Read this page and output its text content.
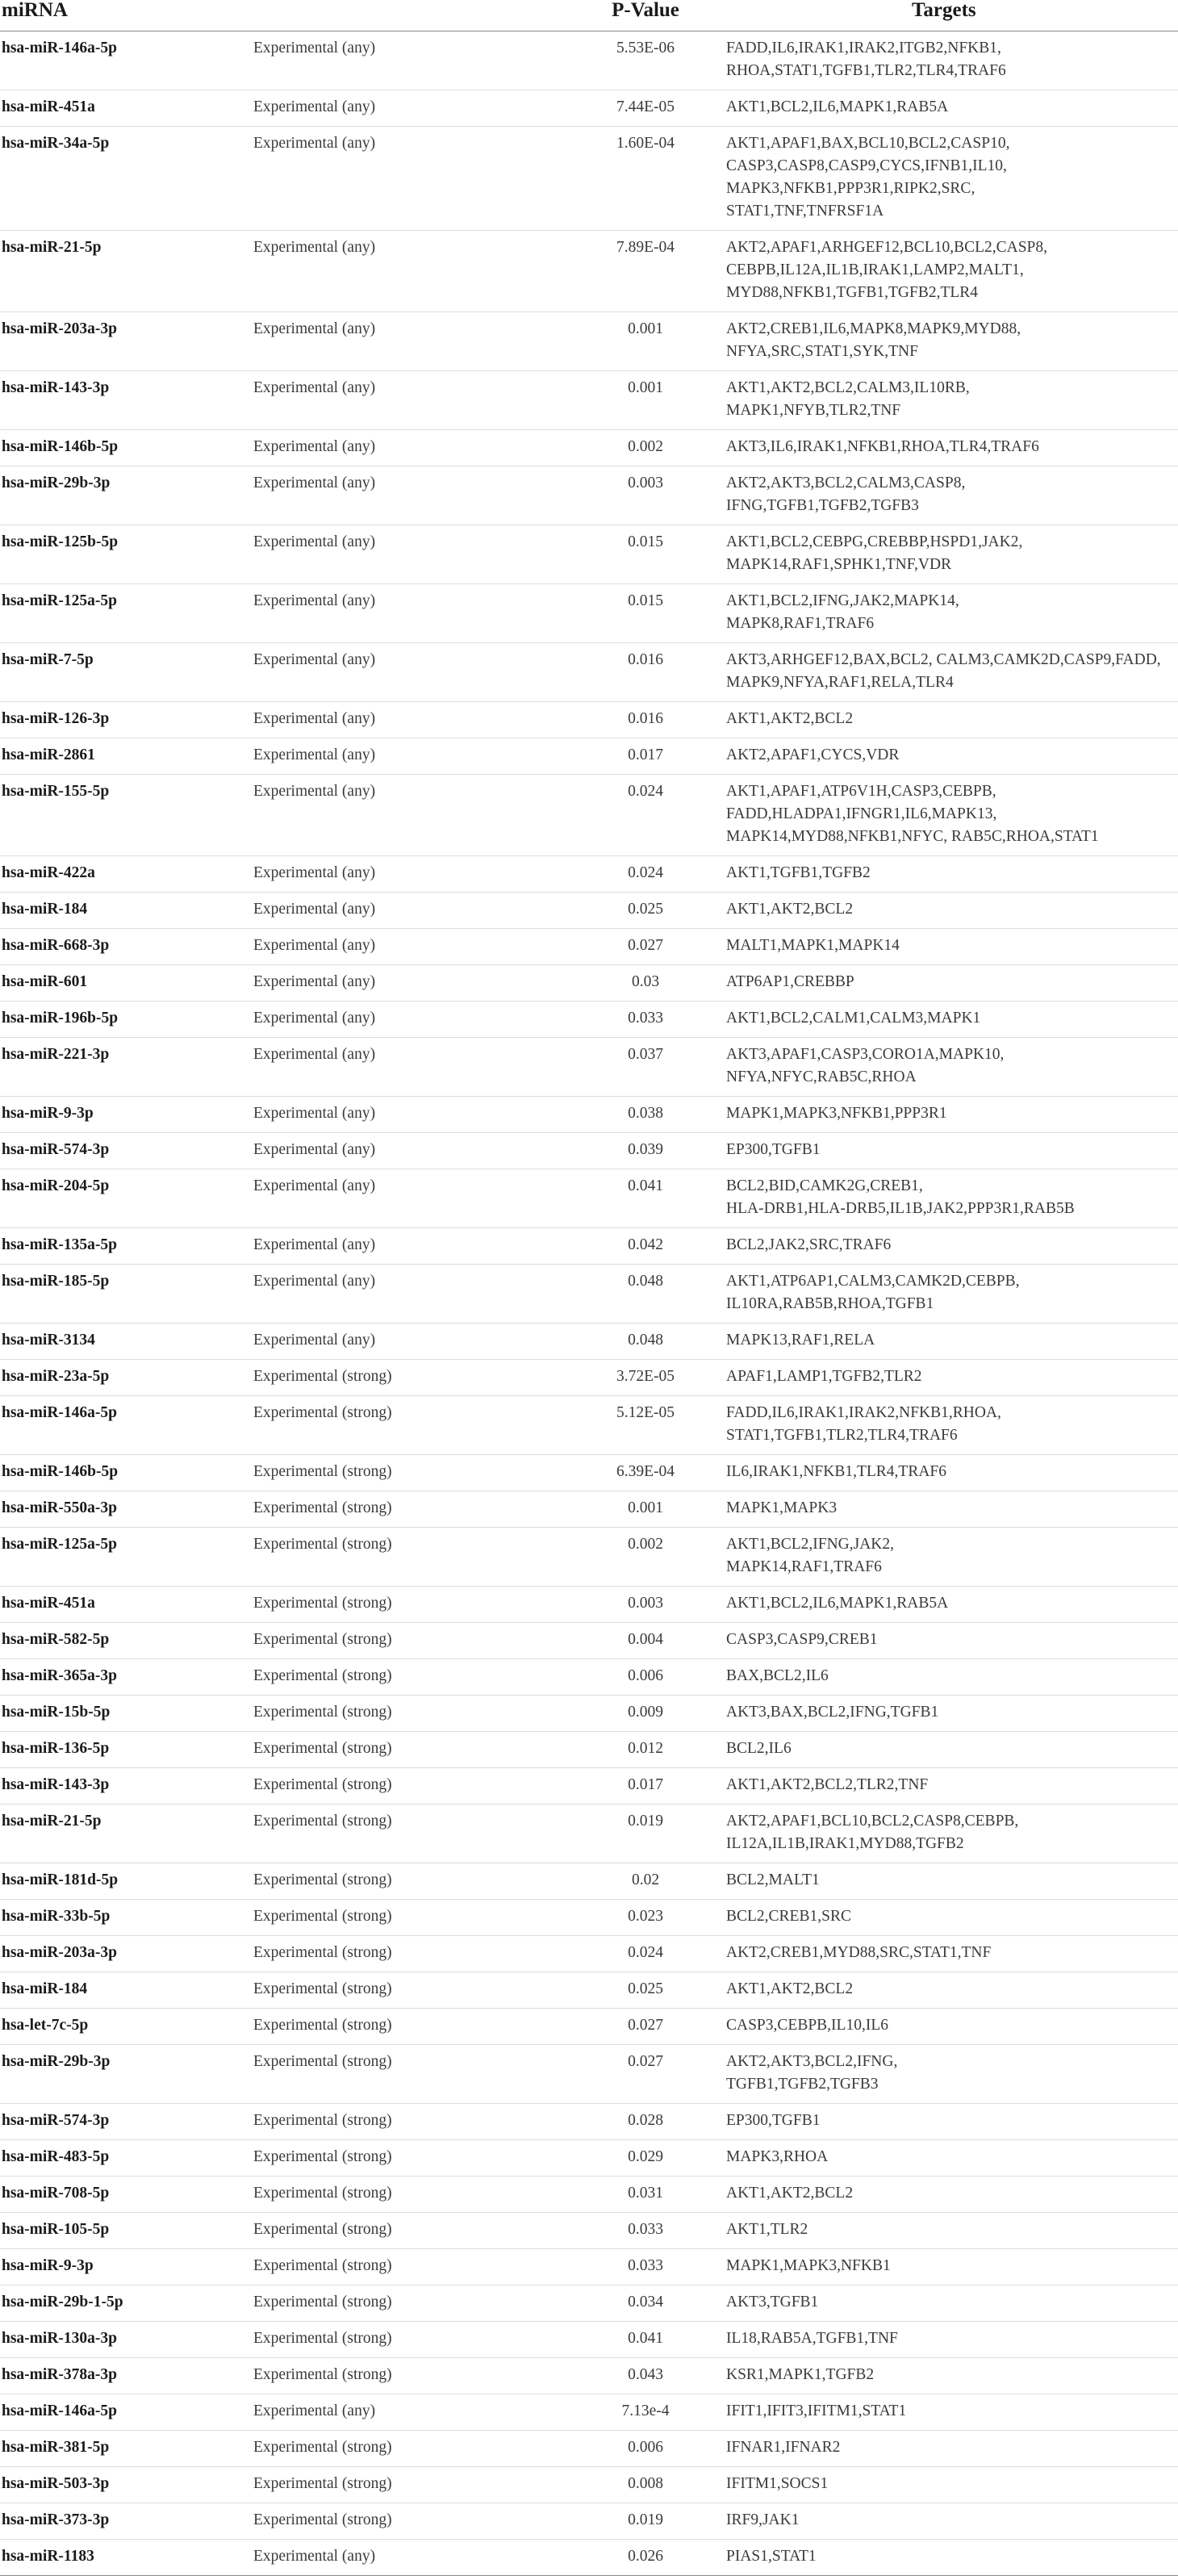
miRNA		P-Value	Targets
hsa-miR-146a-5p	Experimental (any)	5.53E-06	FADD,IL6,IRAK1,IRAK2,ITGB2,NFKB1,
RHOA,STAT1,TGFB1,TLR2,TLR4,TRAF6

hsa-miR-451a	Experimental (any)	7.44E-05	AKT1,BCL2,IL6,MAPK1,RAB5A

hsa-miR-34a-5p	Experimental (any)	1.60E-04	AKT1,APAF1,BAX,BCL10,BCL2,CASP10,
CASP3,CASP8,CASP9,CYCS,IFNB1,IL10,
MAPK3,NFKB1,PPP3R1,RIPK2,SRC,
STAT1,TNF,TNFRSF1A

hsa-miR-21-5p	Experimental (any)	7.89E-04	AKT2,APAF1,ARHGEF12,BCL10,BCL2,CASP8,
CEBPB,IL12A,IL1B,IRAK1,LAMP2,MALT1,
MYD88,NFKB1,TGFB1,TGFB2,TLR4

hsa-miR-203a-3p	Experimental (any)	0.001	AKT2,CREB1,IL6,MAPK8,MAPK9,MYD88,
NFYA,SRC,STAT1,SYK,TNF

hsa-miR-143-3p	Experimental (any)	0.001	AKT1,AKT2,BCL2,CALM3,IL10RB,
MAPK1,NFYB,TLR2,TNF

hsa-miR-146b-5p	Experimental (any)	0.002	AKT3,IL6,IRAK1,NFKB1,RHOA,TLR4,TRAF6

hsa-miR-29b-3p	Experimental (any)	0.003	AKT2,AKT3,BCL2,CALM3,CASP8,
IFNG,TGFB1,TGFB2,TGFB3

hsa-miR-125b-5p	Experimental (any)	0.015	AKT1,BCL2,CEBPG,CREBBP,HSPD1,JAK2,
MAPK14,RAF1,SPHK1,TNF,VDR

hsa-miR-125a-5p	Experimental (any)	0.015	AKT1,BCL2,IFNG,JAK2,MAPK14,
MAPK8,RAF1,TRAF6

hsa-miR-7-5p	Experimental (any)	0.016	AKT3,ARHGEF12,BAX,BCL2, CALM3,CAMK2D,CASP9,FADD,
MAPK9,NFYA,RAF1,RELA,TLR4

hsa-miR-126-3p	Experimental (any)	0.016	AKT1,AKT2,BCL2

hsa-miR-2861	Experimental (any)	0.017	AKT2,APAF1,CYCS,VDR

hsa-miR-155-5p	Experimental (any)	0.024	AKT1,APAF1,ATP6V1H,CASP3,CEBPB,
FADD,HLADPA1,IFNGR1,IL6,MAPK13,
MAPK14,MYD88,NFKB1,NFYC, RAB5C,RHOA,STAT1

hsa-miR-422a	Experimental (any)	0.024	AKT1,TGFB1,TGFB2

hsa-miR-184	Experimental (any)	0.025	AKT1,AKT2,BCL2

hsa-miR-668-3p	Experimental (any)	0.027	MALT1,MAPK1,MAPK14

hsa-miR-601	Experimental (any)	0.03	ATP6AP1,CREBBP

hsa-miR-196b-5p	Experimental (any)	0.033	AKT1,BCL2,CALM1,CALM3,MAPK1

hsa-miR-221-3p	Experimental (any)	0.037	AKT3,APAF1,CASP3,CORO1A,MAPK10,
NFYA,NFYC,RAB5C,RHOA

hsa-miR-9-3p	Experimental (any)	0.038	MAPK1,MAPK3,NFKB1,PPP3R1

hsa-miR-574-3p	Experimental (any)	0.039	EP300,TGFB1

hsa-miR-204-5p	Experimental (any)	0.041	BCL2,BID,CAMK2G,CREB1,
HLA-DRB1,HLA-DRB5,IL1B,JAK2,PPP3R1,RAB5B

hsa-miR-135a-5p	Experimental (any)	0.042	BCL2,JAK2,SRC,TRAF6

hsa-miR-185-5p	Experimental (any)	0.048	AKT1,ATP6AP1,CALM3,CAMK2D,CEBPB,
IL10RA,RAB5B,RHOA,TGFB1

hsa-miR-3134	Experimental (any)	0.048	MAPK13,RAF1,RELA

hsa-miR-23a-5p	Experimental (strong)	3.72E-05	APAF1,LAMP1,TGFB2,TLR2

hsa-miR-146a-5p	Experimental (strong)	5.12E-05	FADD,IL6,IRAK1,IRAK2,NFKB1,RHOA,
STAT1,TGFB1,TLR2,TLR4,TRAF6

hsa-miR-146b-5p	Experimental (strong)	6.39E-04	IL6,IRAK1,NFKB1,TLR4,TRAF6

hsa-miR-550a-3p	Experimental (strong)	0.001	MAPK1,MAPK3

hsa-miR-125a-5p	Experimental (strong)	0.002	AKT1,BCL2,IFNG,JAK2,
MAPK14,RAF1,TRAF6

hsa-miR-451a	Experimental (strong)	0.003	AKT1,BCL2,IL6,MAPK1,RAB5A

hsa-miR-582-5p	Experimental (strong)	0.004	CASP3,CASP9,CREB1

hsa-miR-365a-3p	Experimental (strong)	0.006	BAX,BCL2,IL6

hsa-miR-15b-5p	Experimental (strong)	0.009	AKT3,BAX,BCL2,IFNG,TGFB1

hsa-miR-136-5p	Experimental (strong)	0.012	BCL2,IL6

hsa-miR-143-3p	Experimental (strong)	0.017	AKT1,AKT2,BCL2,TLR2,TNF

hsa-miR-21-5p	Experimental (strong)	0.019	AKT2,APAF1,BCL10,BCL2,CASP8,CEBPB,
IL12A,IL1B,IRAK1,MYD88,TGFB2

hsa-miR-181d-5p	Experimental (strong)	0.02	BCL2,MALT1

hsa-miR-33b-5p	Experimental (strong)	0.023	BCL2,CREB1,SRC

hsa-miR-203a-3p	Experimental (strong)	0.024	AKT2,CREB1,MYD88,SRC,STAT1,TNF

hsa-miR-184	Experimental (strong)	0.025	AKT1,AKT2,BCL2

hsa-let-7c-5p	Experimental (strong)	0.027	CASP3,CEBPB,IL10,IL6

hsa-miR-29b-3p	Experimental (strong)	0.027	AKT2,AKT3,BCL2,IFNG,
TGFB1,TGFB2,TGFB3

hsa-miR-574-3p	Experimental (strong)	0.028	EP300,TGFB1

hsa-miR-483-5p	Experimental (strong)	0.029	MAPK3,RHOA

hsa-miR-708-5p	Experimental (strong)	0.031	AKT1,AKT2,BCL2

hsa-miR-105-5p	Experimental (strong)	0.033	AKT1,TLR2

hsa-miR-9-3p	Experimental (strong)	0.033	MAPK1,MAPK3,NFKB1

hsa-miR-29b-1-5p	Experimental (strong)	0.034	AKT3,TGFB1

hsa-miR-130a-3p	Experimental (strong)	0.041	IL18,RAB5A,TGFB1,TNF

hsa-miR-378a-3p	Experimental (strong)	0.043	KSR1,MAPK1,TGFB2

hsa-miR-146a-5p	Experimental (any)	7.13e-4	IFIT1,IFIT3,IFITM1,STAT1

hsa-miR-381-5p	Experimental (strong)	0.006	IFNAR1,IFNAR2

hsa-miR-503-3p	Experimental (strong)	0.008	IFITM1,SOCS1

hsa-miR-373-3p	Experimental (strong)	0.019	IRF9,JAK1

hsa-miR-1183	Experimental (any)	0.026	PIAS1,STAT1
